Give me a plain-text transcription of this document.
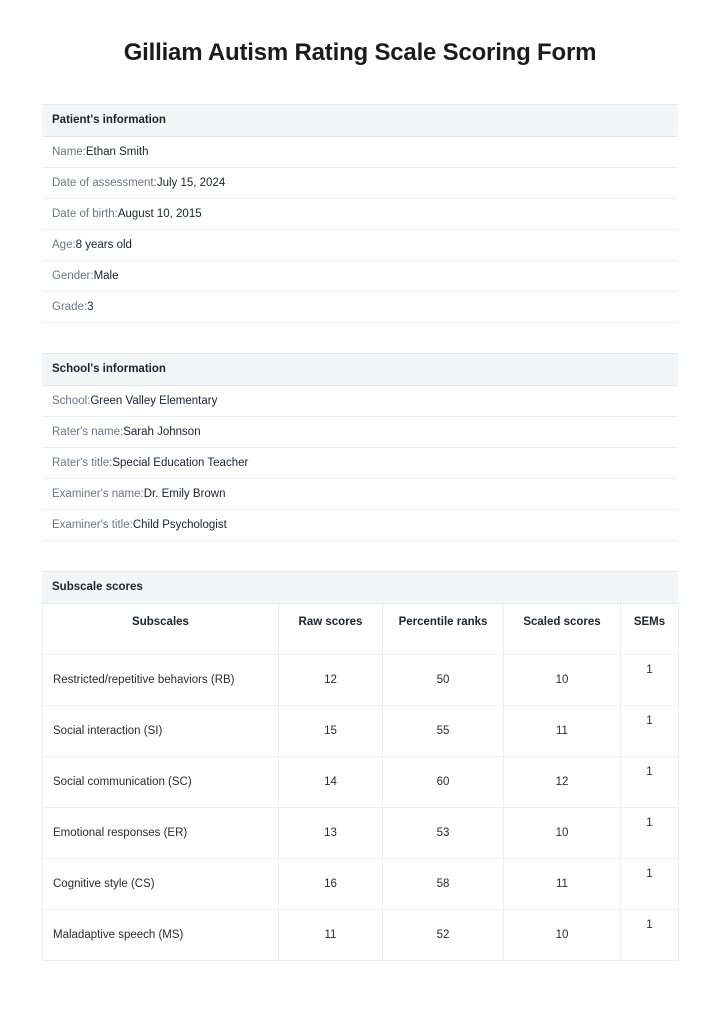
Gilliam Autism Rating Scale Scoring Form
Patient's information
Name:Ethan Smith
Date of assessment:July 15, 2024
Date of birth:August 10, 2015
Age:8 years old
Gender:Male
Grade:3
School's information
School:Green Valley Elementary
Rater's name:Sarah Johnson
Rater's title:Special Education Teacher
Examiner's name:Dr. Emily Brown
Examiner's title:Child Psychologist
Subscale scores
Subscales	Raw scores	Percentile ranks	Scaled scores	SEMs
Restricted/repetitive behaviors (RB)	12	50	10	1
Social interaction (SI)	15	55	11	1
Social communication (SC)	14	60	12	1
Emotional responses (ER)	13	53	10	1
Cognitive style (CS)	16	58	11	1
Maladaptive speech (MS)	11	52	10	1
